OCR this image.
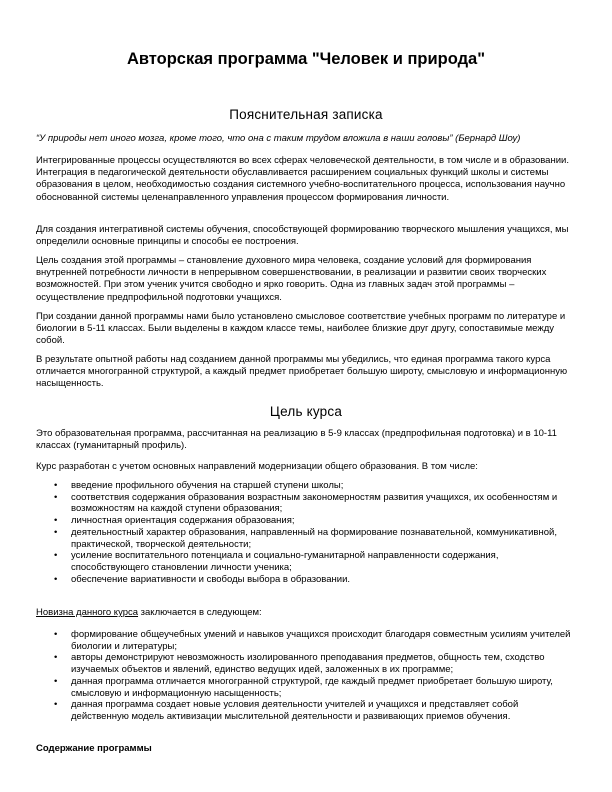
Авторская программа "Человек и природа"
Пояснительная записка

“У природы нет иного мозга, кроме того, что она с таким трудом вложила в наши головы” (Бернард Шоу)

Интегрированные процессы осуществляются во всех сферах человеческой деятельности, в том числе и в образовании. Интеграция в педагогической деятельности обуславливается расширением социальных функций школы и системы образования в целом, необходимостью создания системного учебно-воспитательного процесса, использования научно обоснованной системы целенаправленного управления процессом формирования личности.

Для создания интегративной системы обучения, способствующей формированию творческого мышления учащихся, мы определили основные принципы и способы ее построения.

Цель создания этой программы – становление духовного мира человека, создание условий для формирования внутренней потребности личности в непрерывном совершенствовании, в реализации и развитии своих творческих возможностей. При этом ученик учится свободно и ярко говорить. Одна из главных задач этой программы – осуществление предпрофильной подготовки учащихся.

При создании данной программы нами было установлено смысловое соответствие учебных программ по литературе и биологии в 5-11 классах. Были выделены в каждом классе темы, наиболее близкие друг другу, сопоставимые между собой.

В результате опытной работы над созданием данной программы мы убедились, что единая программа такого курса отличается многогранной структурой, а каждый предмет приобретает большую широту, смысловую и информационную насыщенность.

Цель курса

Это образовательная программа, рассчитанная на реализацию в 5-9 классах (предпрофильная подготовка) и в 10-11 классах (гуманитарный профиль).

Курс разработан с учетом основных направлений модернизации общего образования. В том числе:

• введение профильного обучения на старшей ступени школы;
• соответствия содержания образования возрастным закономерностям развития учащихся, их особенностям и возможностям на каждой ступени образования;
• личностная ориентация содержания образования;
• деятельностный характер образования, направленный на формирование познавательной, коммуникативной, практической, творческой деятельности;
• усиление воспитательного потенциала и социально-гуманитарной направленности содержания, способствующего становлении личности ученика;
• обеспечение вариативности и свободы выбора в образовании.

Новизна данного курса заключается в следующем:

• формирование общеучебных умений и навыков учащихся происходит благодаря совместным усилиям учителей биологии и литературы;
• авторы демонстрируют невозможность изолированного преподавания предметов, общность тем, сходство изучаемых объектов и явлений, единство ведущих идей, заложенных в их программе;
• данная программа отличается многогранной структурой, где каждый предмет приобретает большую широту, смысловую и информационную насыщенность;
• данная программа создает новые условия деятельности учителей и учащихся и представляет собой действенную модель активизации мыслительной деятельности и развивающих приемов обучения.
Содержание программы
